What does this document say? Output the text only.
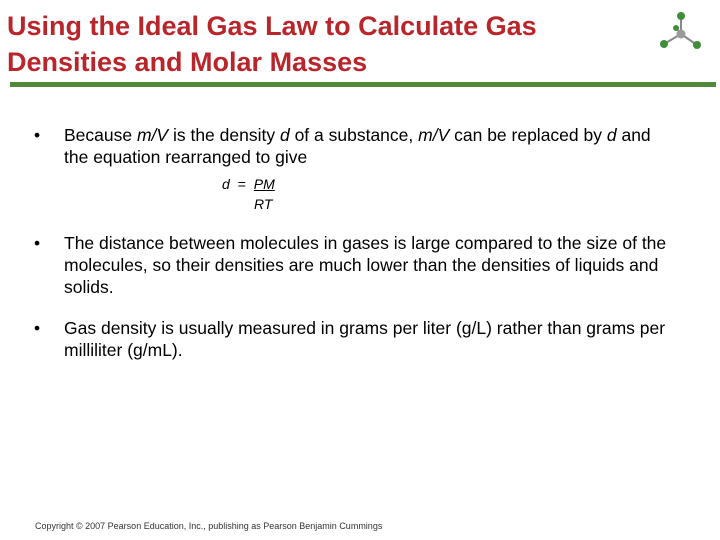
Using the Ideal Gas Law to Calculate Gas
Densities and Molar Masses
• Because m/V is the density d of a substance, m/V can be replaced by d and the equation rearranged to give
d = PM
RT
• The distance between molecules in gases is large compared to the size of the molecules, so their densities are much lower than the densities of liquids and solids.
• Gas density is usually measured in grams per liter (g/L) rather than grams per milliliter (g/mL).
Copyright © 2007 Pearson Education, Inc., publishing as Pearson Benjamin Cummings
